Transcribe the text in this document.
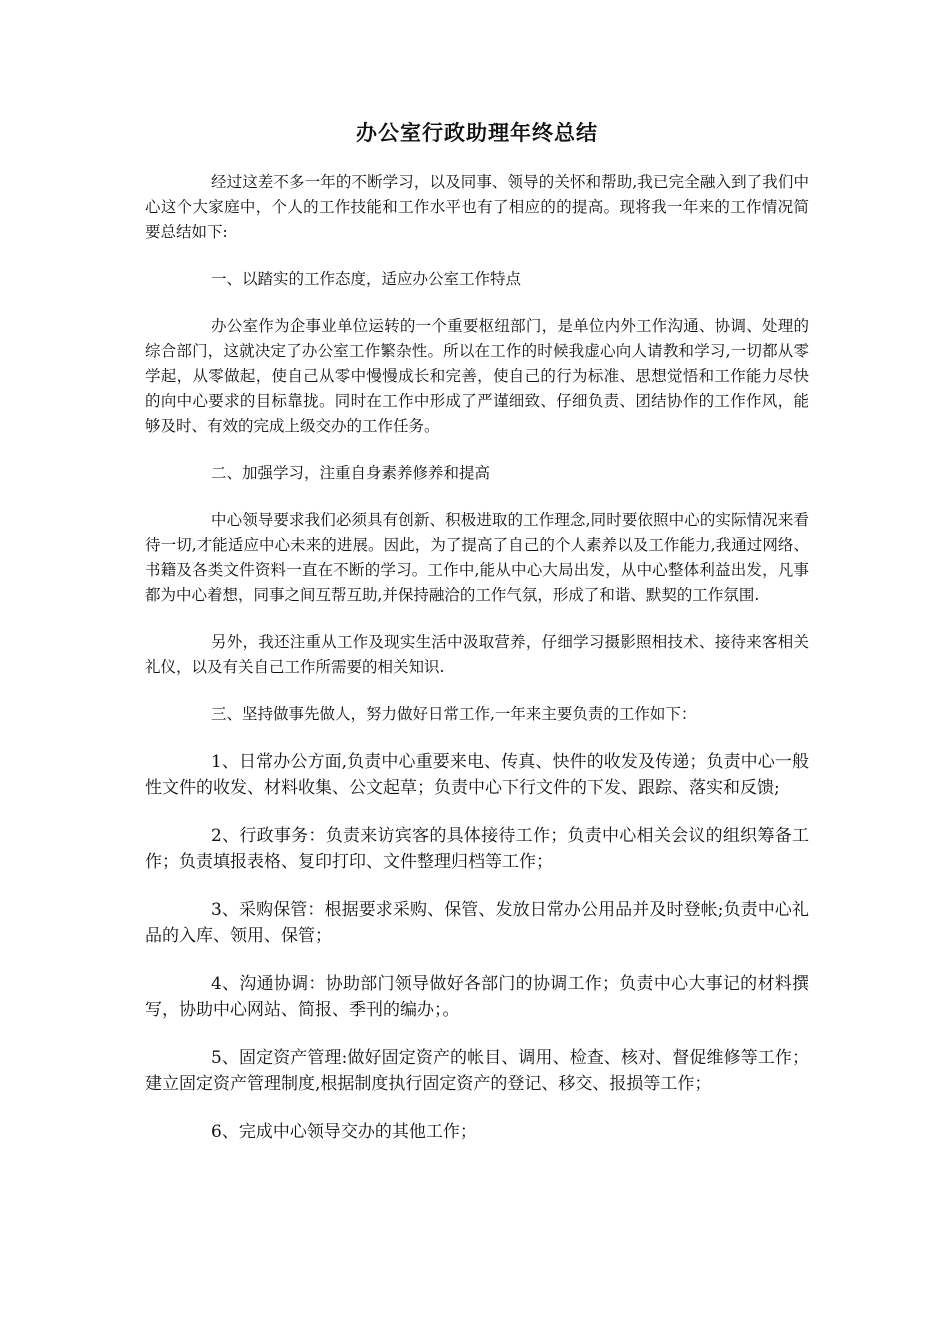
办公室行政助理年终总结

经过这差不多一年的不断学习，以及同事、领导的关怀和帮助,我已完全融入到了我们中心这个大家庭中，个人的工作技能和工作水平也有了相应的的提高。现将我一年来的工作情况简要总结如下:

一、以踏实的工作态度，适应办公室工作特点

办公室作为企事业单位运转的一个重要枢纽部门，是单位内外工作沟通、协调、处理的综合部门，这就决定了办公室工作繁杂性。所以在工作的时候我虚心向人请教和学习,一切都从零学起，从零做起，使自己从零中慢慢成长和完善，使自己的行为标准、思想觉悟和工作能力尽快的向中心要求的目标靠拢。同时在工作中形成了严谨细致、仔细负责、团结协作的工作作风，能够及时、有效的完成上级交办的工作任务。

二、加强学习，注重自身素养修养和提高

中心领导要求我们必须具有创新、积极进取的工作理念,同时要依照中心的实际情况来看待一切,才能适应中心未来的进展。因此，为了提高了自己的个人素养以及工作能力,我通过网络、书籍及各类文件资料一直在不断的学习。工作中,能从中心大局出发，从中心整体利益出发，凡事都为中心着想，同事之间互帮互助,并保持融洽的工作气氛，形成了和谐、默契的工作氛围.

另外，我还注重从工作及现实生活中汲取营养，仔细学习摄影照相技术、接待来客相关礼仪，以及有关自己工作所需要的相关知识.

三、坚持做事先做人，努力做好日常工作,一年来主要负责的工作如下：

1、日常办公方面,负责中心重要来电、传真、快件的收发及传递；负责中心一般性文件的收发、材料收集、公文起草；负责中心下行文件的下发、跟踪、落实和反馈;

2、行政事务：负责来访宾客的具体接待工作；负责中心相关会议的组织筹备工作；负责填报表格、复印打印、文件整理归档等工作；

3、采购保管：根据要求采购、保管、发放日常办公用品并及时登帐;负责中心礼品的入库、领用、保管；

4、沟通协调：协助部门领导做好各部门的协调工作；负责中心大事记的材料撰写，协助中心网站、简报、季刊的编办；。

5、固定资产管理:做好固定资产的帐目、调用、检查、核对、督促维修等工作；建立固定资产管理制度,根据制度执行固定资产的登记、移交、报损等工作；

6、完成中心领导交办的其他工作；
